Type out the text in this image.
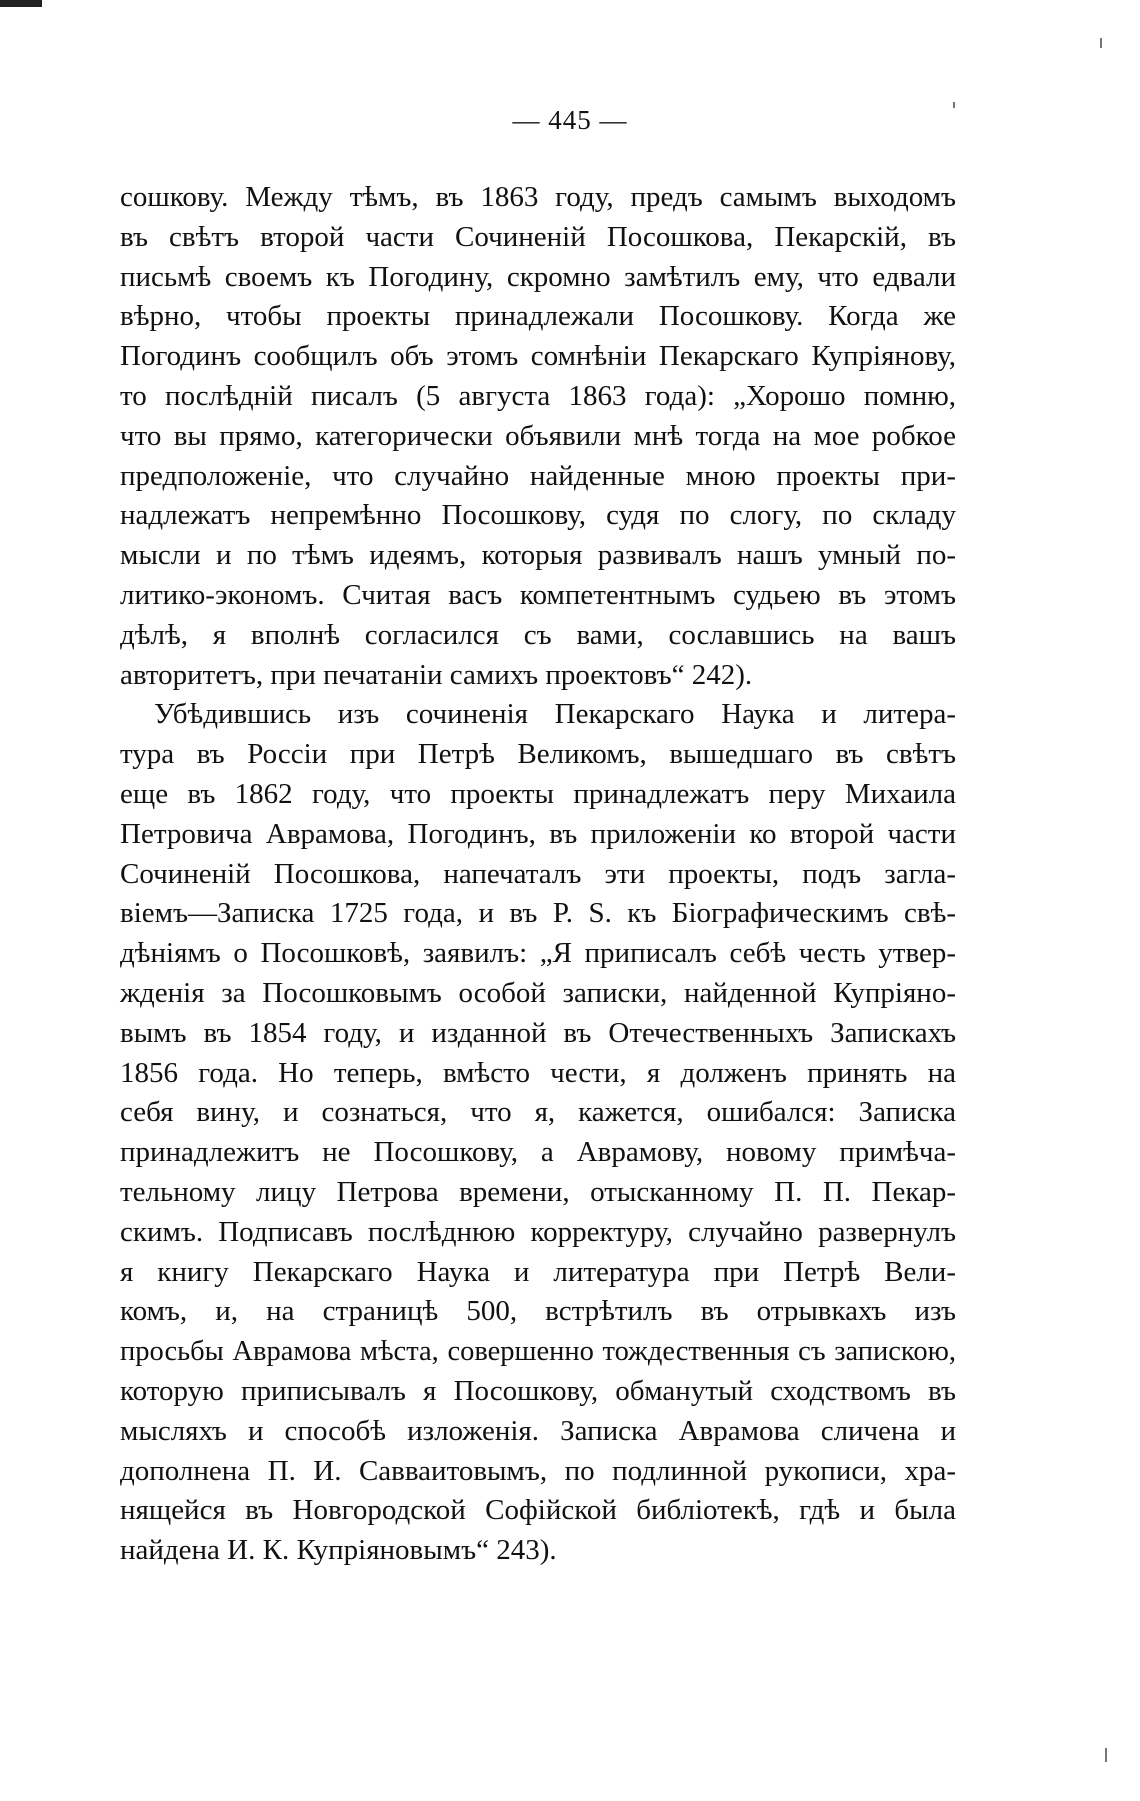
— 445 —
сошкову. Между тѣмъ, въ 1863 году, предъ самымъ выходомъ
въ свѣтъ второй части Сочиненій Посошкова, Пекарскій, въ
письмѣ своемъ къ Погодину, скромно замѣтилъ ему, что едвали
вѣрно, чтобы проекты принадлежали Посошкову. Когда же
Погодинъ сообщилъ объ этомъ сомнѣніи Пекарскаго Купріянову,
то послѣдній писалъ (5 августа 1863 года): „Хорошо помню,
что вы прямо, категорически объявили мнѣ тогда на мое робкое
предположеніе, что случайно найденные мною проекты при-
надлежатъ непремѣнно Посошкову, судя по слогу, по складу
мысли и по тѣмъ идеямъ, которыя развивалъ нашъ умный по-
литико-экономъ. Считая васъ компетентнымъ судьею въ этомъ
дѣлѣ, я вполнѣ согласился съ вами, сославшись на вашъ
авторитетъ, при печатаніи самихъ проектовъ“ 242).
Убѣдившись изъ сочиненія Пекарскаго Наука и литера-
тура въ Россіи при Петрѣ Великомъ, вышедшаго въ свѣтъ
еще въ 1862 году, что проекты принадлежатъ перу Михаила
Петровича Аврамова, Погодинъ, въ приложеніи ко второй части
Сочиненій Посошкова, напечаталъ эти проекты, подъ загла-
віемъ—Записка 1725 года, и въ P. S. къ Біографическимъ свѣ-
дѣніямъ о Посошковѣ, заявилъ: „Я приписалъ себѣ честь утвер-
жденія за Посошковымъ особой записки, найденной Купріяно-
вымъ въ 1854 году, и изданной въ Отечественныхъ Запискахъ
1856 года. Но теперь, вмѣсто чести, я долженъ принять на
себя вину, и сознаться, что я, кажется, ошибался: Записка
принадлежитъ не Посошкову, а Аврамову, новому примѣча-
тельному лицу Петрова времени, отысканному П. П. Пекар-
скимъ. Подписавъ послѣднюю корректуру, случайно развернулъ
я книгу Пекарскаго Наука и литература при Петрѣ Вели-
комъ, и, на страницѣ 500, встрѣтилъ въ отрывкахъ изъ
просьбы Аврамова мѣста, совершенно тождественныя съ запискою,
которую приписывалъ я Посошкову, обманутый сходствомъ въ
мысляхъ и способѣ изложенія. Записка Аврамова сличена и
дополнена П. И. Савваитовымъ, по подлинной рукописи, хра-
нящейся въ Новгородской Софійской библіотекѣ, гдѣ и была
найдена И. К. Купріяновымъ“ 243).
